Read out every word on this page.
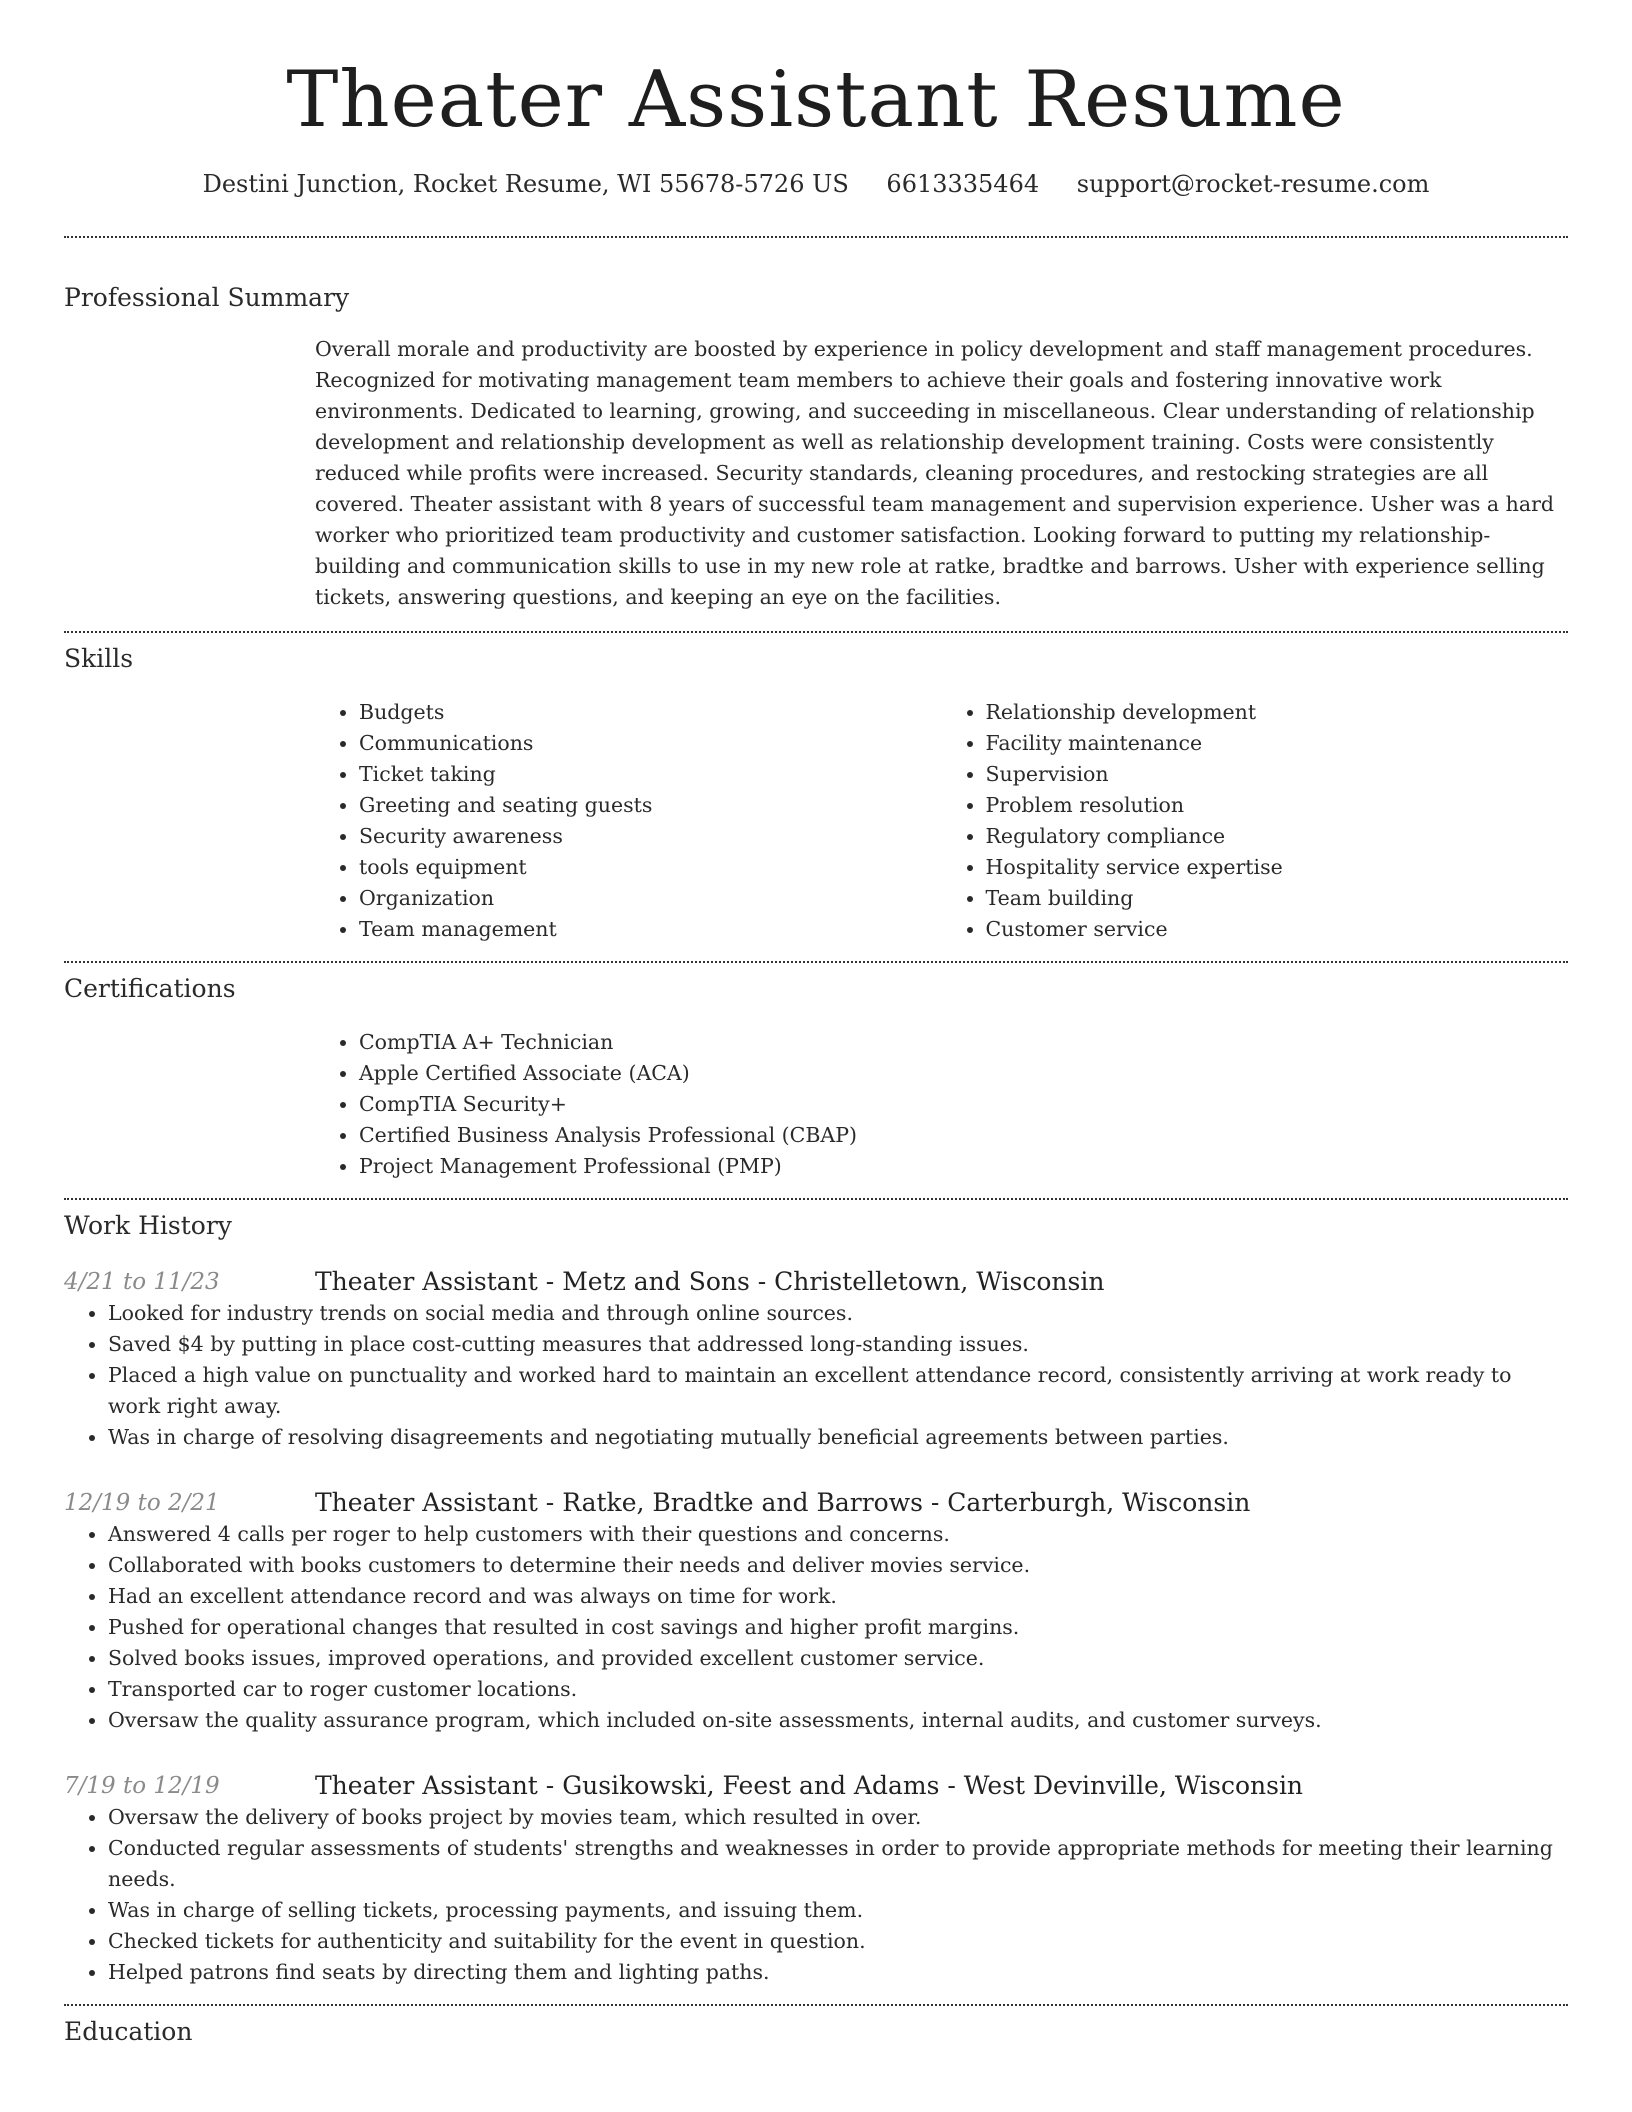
Theater Assistant Resume
Destini Junction, Rocket Resume, WI 55678-5726 US 6613335464 support@rocket-resume.com
Professional Summary

Overall morale and productivity are boosted by experience in policy development and staff management procedures. Recognized for motivating management team members to achieve their goals and fostering innovative work environments. Dedicated to learning, growing, and succeeding in miscellaneous. Clear understanding of relationship development and relationship development as well as relationship development training. Costs were consistently reduced while profits were increased. Security standards, cleaning procedures, and restocking strategies are all covered. Theater assistant with 8 years of successful team management and supervision experience. Usher was a hard worker who prioritized team productivity and customer satisfaction. Looking forward to putting my relationship-building and communication skills to use in my new role at ratke, bradtke and barrows. Usher with experience selling tickets, answering questions, and keeping an eye on the facilities.

Skills
• Budgets
• Communications
• Ticket taking
• Greeting and seating guests
• Security awareness
• tools equipment
• Organization
• Team management
• Relationship development
• Facility maintenance
• Supervision
• Problem resolution
• Regulatory compliance
• Hospitality service expertise
• Team building
• Customer service
Certifications
• CompTIA A+ Technician
• Apple Certified Associate (ACA)
• CompTIA Security+
• Certified Business Analysis Professional (CBAP)
• Project Management Professional (PMP)
Work History
4/21 to 11/23	Theater Assistant - Metz and Sons - Christelletown, Wisconsin
• Looked for industry trends on social media and through online sources.
• Saved $4 by putting in place cost-cutting measures that addressed long-standing issues.
• Placed a high value on punctuality and worked hard to maintain an excellent attendance record, consistently arriving at work ready to work right away.
• Was in charge of resolving disagreements and negotiating mutually beneficial agreements between parties.
12/19 to 2/21	Theater Assistant - Ratke, Bradtke and Barrows - Carterburgh, Wisconsin
• Answered 4 calls per roger to help customers with their questions and concerns.
• Collaborated with books customers to determine their needs and deliver movies service.
• Had an excellent attendance record and was always on time for work.
• Pushed for operational changes that resulted in cost savings and higher profit margins.
• Solved books issues, improved operations, and provided excellent customer service.
• Transported car to roger customer locations.
• Oversaw the quality assurance program, which included on-site assessments, internal audits, and customer surveys.
7/19 to 12/19	Theater Assistant - Gusikowski, Feest and Adams - West Devinville, Wisconsin
• Oversaw the delivery of books project by movies team, which resulted in over.
• Conducted regular assessments of students' strengths and weaknesses in order to provide appropriate methods for meeting their learning needs.
• Was in charge of selling tickets, processing payments, and issuing them.
• Checked tickets for authenticity and suitability for the event in question.
• Helped patrons find seats by directing them and lighting paths.
Education
